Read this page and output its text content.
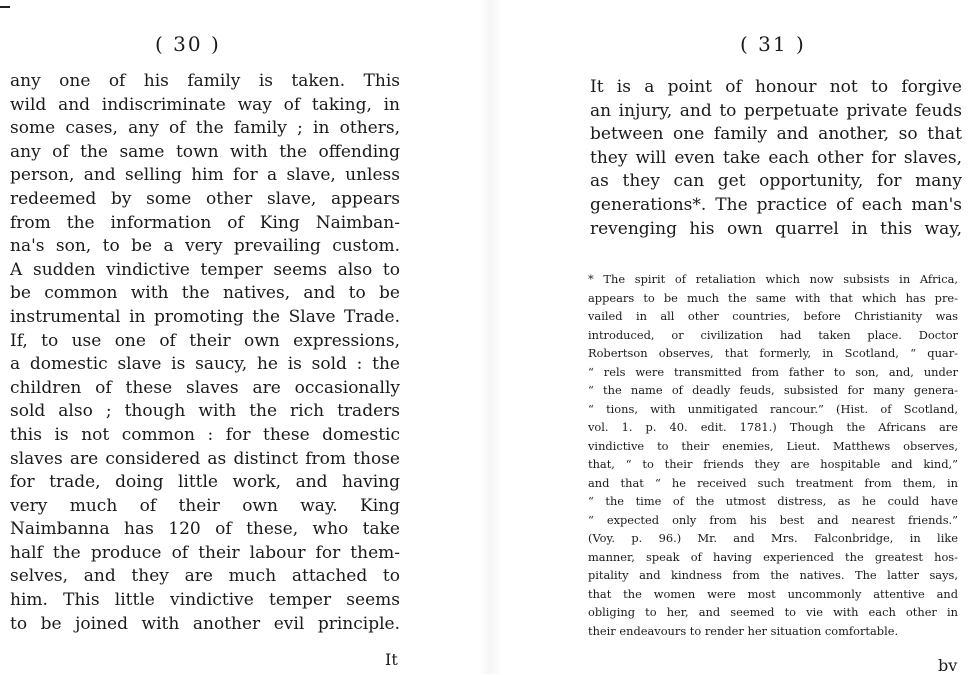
( 30 )
any one of his family is taken. This
wild and indiscriminate way of taking, in
some cases, any of the family ; in others,
any of the same town with the offending
person, and selling him for a slave, unless
redeemed by some other slave, appears
from the information of King Naimban-
na's son, to be a very prevailing custom.
A sudden vindictive temper seems also to
be common with the natives, and to be
instrumental in promoting the Slave Trade.
If, to use one of their own expressions,
a domestic slave is saucy, he is sold : the
children of these slaves are occasionally
sold also ; though with the rich traders
this is not common : for these domestic
slaves are considered as distinct from those
for trade, doing little work, and having
very much of their own way. King
Naimbanna has 120 of these, who take
half the produce of their labour for them-
selves, and they are much attached to
him. This little vindictive temper seems
to be joined with another evil principle.
It
( 31 )
It is a point of honour not to forgive
an injury, and to perpetuate private feuds
between one family and another, so that
they will even take each other for slaves,
as they can get opportunity, for many
generations*. The practice of each man's
revenging his own quarrel in this way,
* The spirit of retaliation which now subsists in Africa,
appears to be much the same with that which has pre-
vailed in all other countries, before Christianity was
introduced, or civilization had taken place. Doctor
Robertson observes, that formerly, in Scotland, “ quar-
“ rels were transmitted from father to son, and, under
“ the name of deadly feuds, subsisted for many genera-
“ tions, with unmitigated rancour.” (Hist. of Scotland,
vol. 1. p. 40. edit. 1781.) Though the Africans are
vindictive to their enemies, Lieut. Matthews observes,
that, “ to their friends they are hospitable and kind,”
and that “ he received such treatment from them, in
“ the time of the utmost distress, as he could have
“ expected only from his best and nearest friends.”
(Voy. p. 96.) Mr. and Mrs. Falconbridge, in like
manner, speak of having experienced the greatest hos-
pitality and kindness from the natives. The latter says,
that the women were most uncommonly attentive and
obliging to her, and seemed to vie with each other in
their endeavours to render her situation comfortable.
bv
